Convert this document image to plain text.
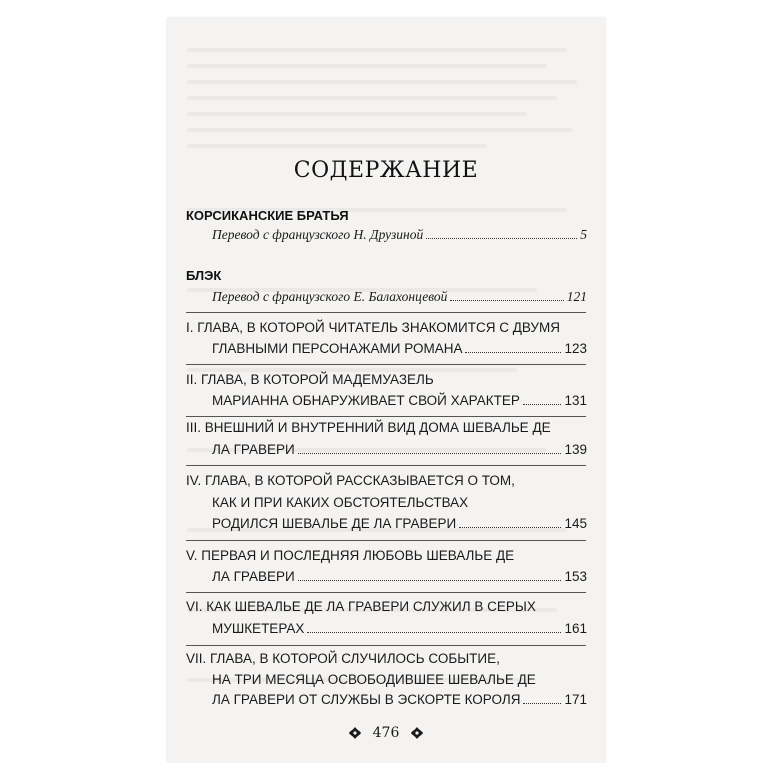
СОДЕРЖАНИЕ
КОРСИКАНСКИЕ БРАТЬЯ
Перевод с французского Н. Друзиной	5
БЛЭК
Перевод с французского Е. Балахонцевой	121
I. ГЛАВА, В КОТОРОЙ ЧИТАТЕЛЬ ЗНАКОМИТСЯ С ДВУМЯ
ГЛАВНЫМИ ПЕРСОНАЖАМИ РОМАНА	123
II. ГЛАВА, В КОТОРОЙ МАДЕМУАЗЕЛЬ
МАРИАННА ОБНАРУЖИВАЕТ СВОЙ ХАРАКТЕР	131
III. ВНЕШНИЙ И ВНУТРЕННИЙ ВИД ДОМА ШЕВАЛЬЕ ДЕ
ЛА ГРАВЕРИ	139
IV. ГЛАВА, В КОТОРОЙ РАССКАЗЫВАЕТСЯ О ТОМ,
КАК И ПРИ КАКИХ ОБСТОЯТЕЛЬСТВАХ
РОДИЛСЯ ШЕВАЛЬЕ ДЕ ЛА ГРАВЕРИ	145
V. ПЕРВАЯ И ПОСЛЕДНЯЯ ЛЮБОВЬ ШЕВАЛЬЕ ДЕ
ЛА ГРАВЕРИ	153
VI. КАК ШЕВАЛЬЕ ДЕ ЛА ГРАВЕРИ СЛУЖИЛ В СЕРЫХ
МУШКЕТЕРАХ	161
VII. ГЛАВА, В КОТОРОЙ СЛУЧИЛОСЬ СОБЫТИЕ,
НА ТРИ МЕСЯЦА ОСВОБОДИВШЕЕ ШЕВАЛЬЕ ДЕ
ЛА ГРАВЕРИ ОТ СЛУЖБЫ В ЭСКОРТЕ КОРОЛЯ	171
476
